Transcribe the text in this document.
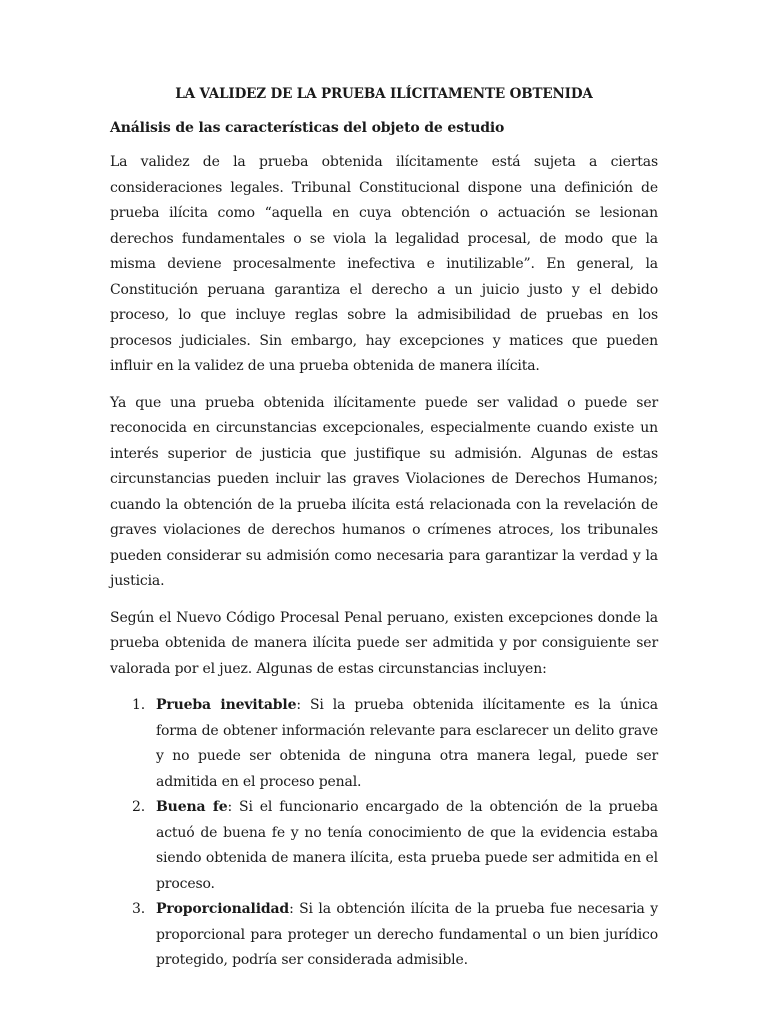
LA VALIDEZ DE LA PRUEBA ILÍCITAMENTE OBTENIDA
Análisis de las características del objeto de estudio

La validez de la prueba obtenida ilícitamente está sujeta a ciertas consideraciones legales. Tribunal Constitucional dispone una definición de prueba ilícita como “aquella en cuya obtención o actuación se lesionan derechos fundamentales o se viola la legalidad procesal, de modo que la misma deviene procesalmente inefectiva e inutilizable”. En general, la Constitución peruana garantiza el derecho a un juicio justo y el debido proceso, lo que incluye reglas sobre la admisibilidad de pruebas en los procesos judiciales. Sin embargo, hay excepciones y matices que pueden influir en la validez de una prueba obtenida de manera ilícita.

Ya que una prueba obtenida ilícitamente puede ser validad o puede ser reconocida en circunstancias excepcionales, especialmente cuando existe un interés superior de justicia que justifique su admisión. Algunas de estas circunstancias pueden incluir las graves Violaciones de Derechos Humanos; cuando la obtención de la prueba ilícita está relacionada con la revelación de graves violaciones de derechos humanos o crímenes atroces, los tribunales pueden considerar su admisión como necesaria para garantizar la verdad y la justicia.

Según el Nuevo Código Procesal Penal peruano, existen excepciones donde la prueba obtenida de manera ilícita puede ser admitida y por consiguiente ser valorada por el juez. Algunas de estas circunstancias incluyen:

1. Prueba inevitable: Si la prueba obtenida ilícitamente es la única forma de obtener información relevante para esclarecer un delito grave y no puede ser obtenida de ninguna otra manera legal, puede ser admitida en el proceso penal.
2. Buena fe: Si el funcionario encargado de la obtención de la prueba actuó de buena fe y no tenía conocimiento de que la evidencia estaba siendo obtenida de manera ilícita, esta prueba puede ser admitida en el proceso.
3. Proporcionalidad: Si la obtención ilícita de la prueba fue necesaria y proporcional para proteger un derecho fundamental o un bien jurídico protegido, podría ser considerada admisible.
